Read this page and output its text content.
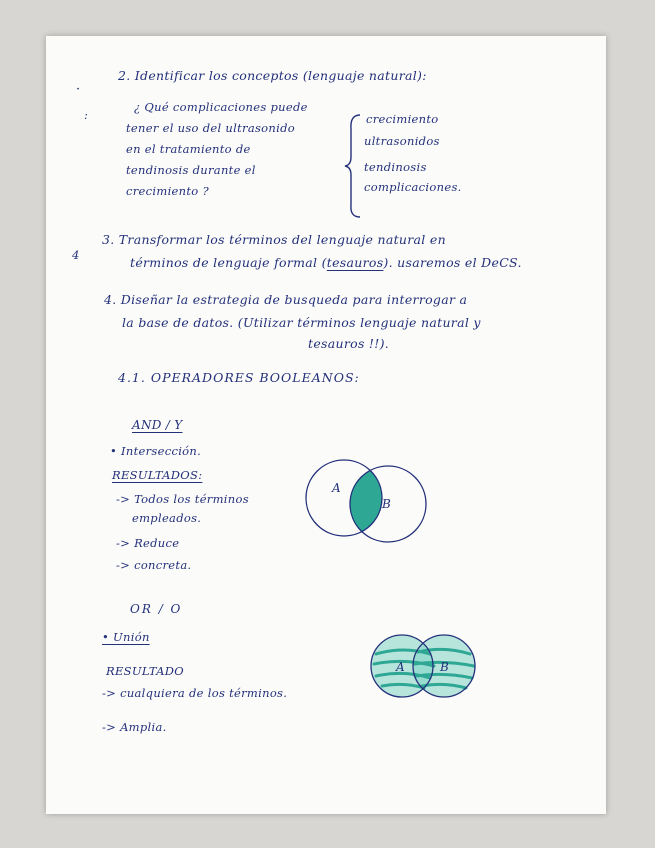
·
:
4
2. Identificar los conceptos (lenguaje natural):
¿ Qué complicaciones puede
tener el uso del ultrasonido
en el tratamiento de
tendinosis durante el
crecimiento ?
crecimiento
ultrasonidos
tendinosis
complicaciones.
3. Transformar los términos del lenguaje natural en
términos de lenguaje formal (tesauros). usaremos el DeCS.
4. Diseñar la estrategia de busqueda para interrogar a
la base de datos. (Utilizar términos lenguaje natural y
tesauros !!).
4.1. OPERADORES BOOLEANOS:
AND / Y
• Intersección.
RESULTADOS:
-> Todos los términos
empleados.
-> Reduce
-> concreta.
A
B
OR / O
• Unión
RESULTADO
-> cualquiera de los términos.
-> Amplia.
A	B
